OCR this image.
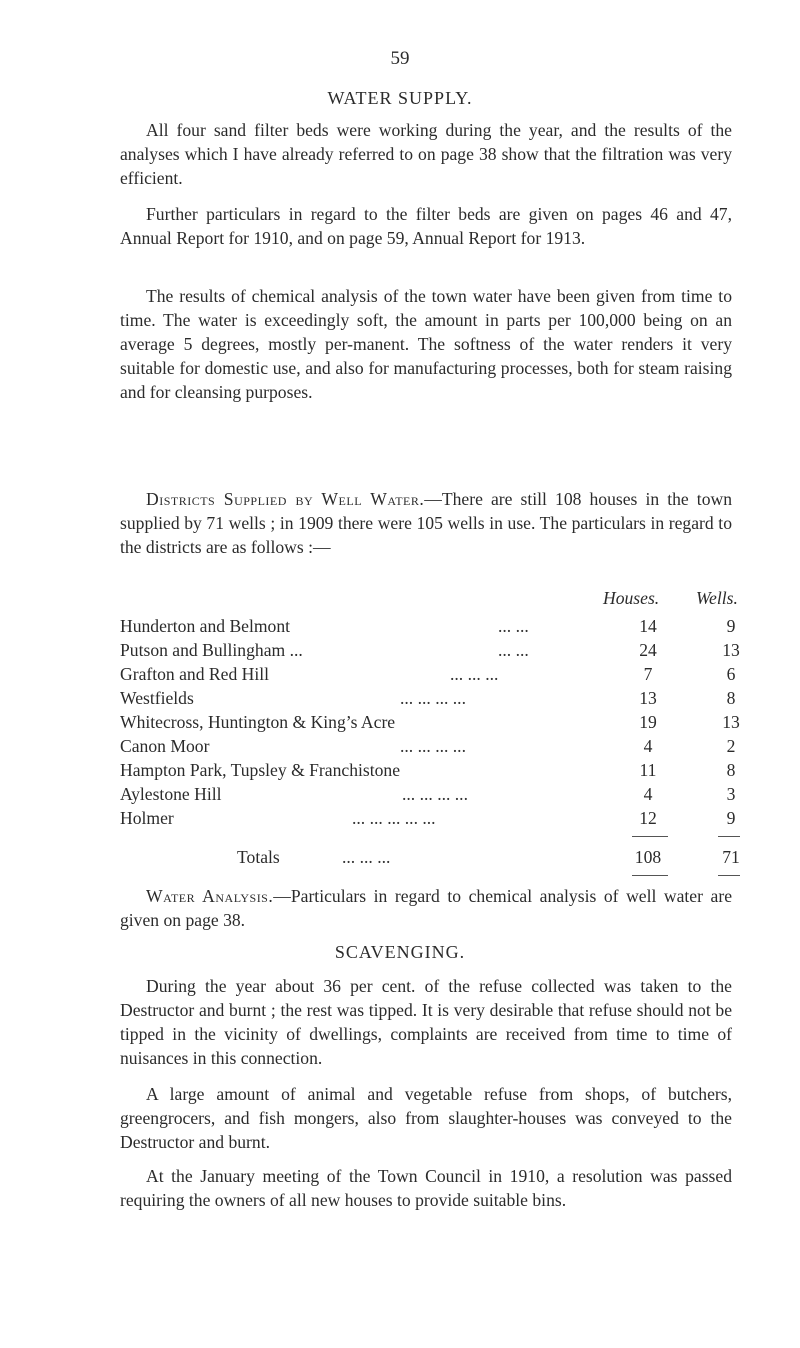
59
WATER SUPPLY.

All four sand filter beds were working during the year, and the results of the analyses which I have already referred to on page 38 show that the filtration was very efficient.

Further particulars in regard to the filter beds are given on pages 46 and 47, Annual Report for 1910, and on page 59, Annual Report for 1913.

The results of chemical analysis of the town water have been given from time to time. The water is exceedingly soft, the amount in parts per 100,000 being on an average 5 degrees, mostly per-manent. The softness of the water renders it very suitable for domestic use, and also for manufacturing processes, both for steam raising and for cleansing purposes.

Districts Supplied by Well Water.—There are still 108 houses in the town supplied by 71 wells ; in 1909 there were 105 wells in use. The particulars in regard to the districts are as follows :—

Houses. Wells.
Hunderton and Belmont	... ...	14	9
Putson and Bullingham ...	... ...	24	13
Grafton and Red Hill	... ... ...	7	6
Westfields	... ... ... ...	13	8
Whitecross, Huntington & King’s Acre	19	13
Canon Moor	... ... ... ...	4	2
Hampton Park, Tupsley & Franchistone	11	8
Aylestone Hill	... ... ... ...	4	3
Holmer	... ... ... ... ...	12	9
Totals	... ... ...	108	71

Water Analysis.—Particulars in regard to chemical analysis of well water are given on page 38.

SCAVENGING.

During the year about 36 per cent. of the refuse collected was taken to the Destructor and burnt ; the rest was tipped. It is very desirable that refuse should not be tipped in the vicinity of dwellings, complaints are received from time to time of nuisances in this connection.

A large amount of animal and vegetable refuse from shops, of butchers, greengrocers, and fish mongers, also from slaughter-houses was conveyed to the Destructor and burnt.

At the January meeting of the Town Council in 1910, a resolution was passed requiring the owners of all new houses to provide suitable bins.
